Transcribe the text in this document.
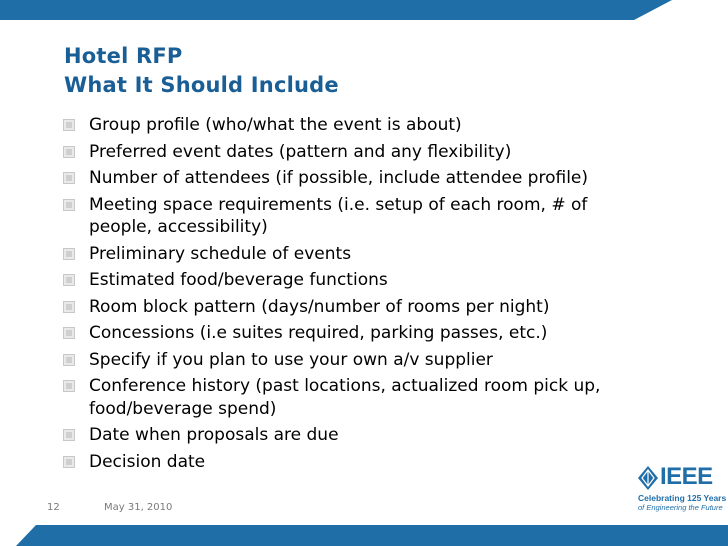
Hotel RFP
What It Should Include
Group profile (who/what the event is about)
Preferred event dates (pattern and any flexibility)
Number of attendees (if possible, include attendee profile)
Meeting space requirements (i.e. setup of each room, # of
people, accessibility)
Preliminary schedule of events
Estimated food/beverage functions
Room block pattern (days/number of rooms per night)
Concessions (i.e suites required, parking passes, etc.)
Specify if you plan to use your own a/v supplier
Conference history (past locations, actualized room pick up,
food/beverage spend)
Date when proposals are due
Decision date
12	May 31, 2010
IEEE
Celebrating 125 Years
of Engineering the Future
